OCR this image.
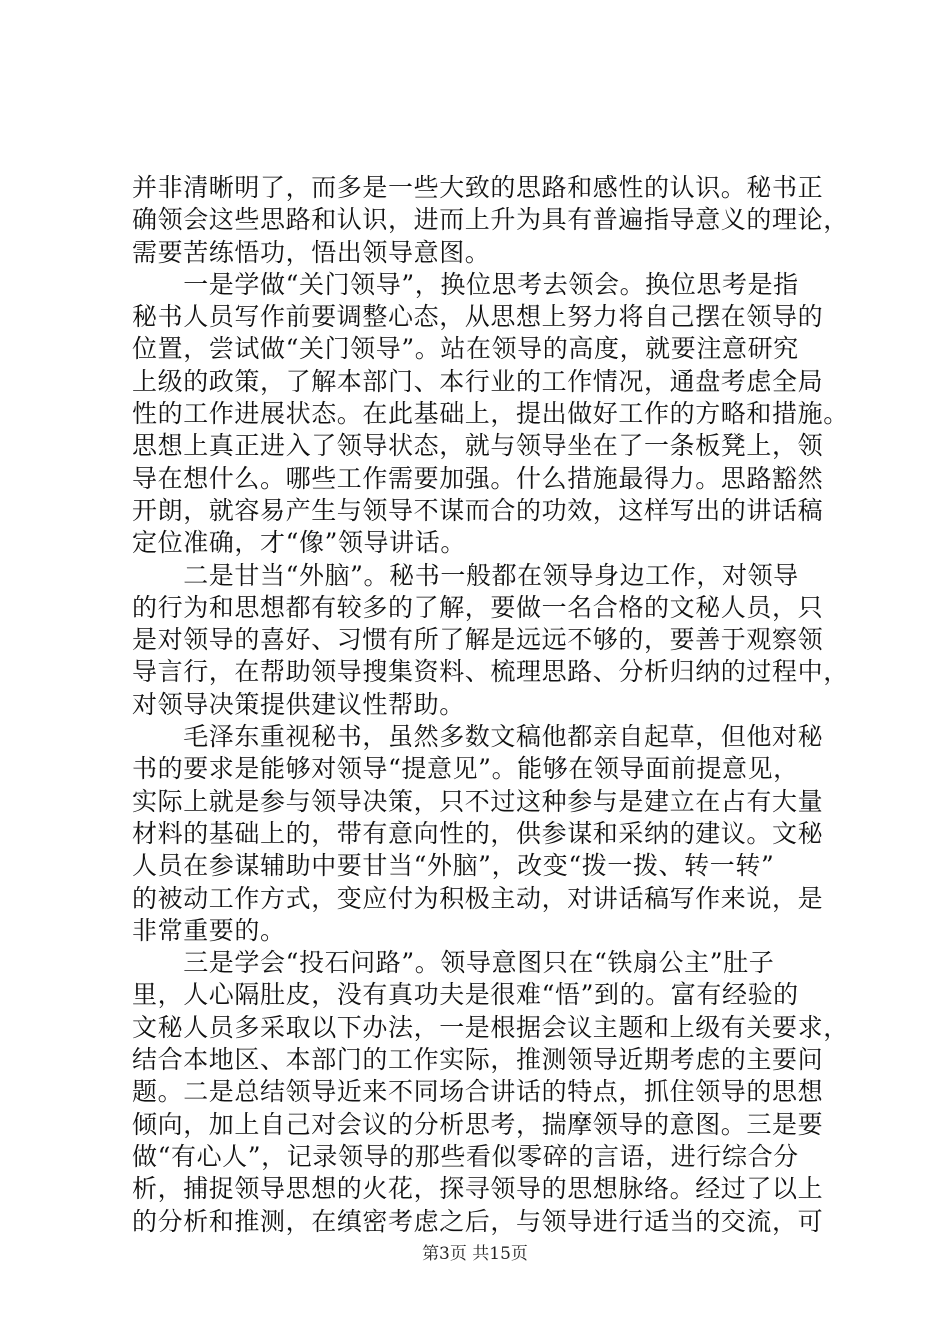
并非清晰明了，而多是一些大致的思路和感性的认识。秘书正
确领会这些思路和认识，进而上升为具有普遍指导意义的理论，
需要苦练悟功，悟出领导意图。
　　一是学做“关门领导”，换位思考去领会。换位思考是指
秘书人员写作前要调整心态，从思想上努力将自己摆在领导的
位置，尝试做“关门领导”。站在领导的高度，就要注意研究
上级的政策，了解本部门、本行业的工作情况，通盘考虑全局
性的工作进展状态。在此基础上，提出做好工作的方略和措施。
思想上真正进入了领导状态，就与领导坐在了一条板凳上，领
导在想什么。哪些工作需要加强。什么措施最得力。思路豁然
开朗，就容易产生与领导不谋而合的功效，这样写出的讲话稿
定位准确，才“像”领导讲话。
　　二是甘当“外脑”。秘书一般都在领导身边工作，对领导
的行为和思想都有较多的了解，要做一名合格的文秘人员，只
是对领导的喜好、习惯有所了解是远远不够的，要善于观察领
导言行，在帮助领导搜集资料、梳理思路、分析归纳的过程中，
对领导决策提供建议性帮助。
　　毛泽东重视秘书，虽然多数文稿他都亲自起草，但他对秘
书的要求是能够对领导“提意见”。能够在领导面前提意见，
实际上就是参与领导决策，只不过这种参与是建立在占有大量
材料的基础上的，带有意向性的，供参谋和采纳的建议。文秘
人员在参谋辅助中要甘当“外脑”，改变“拨一拨、转一转”
的被动工作方式，变应付为积极主动，对讲话稿写作来说，是
非常重要的。
　　三是学会“投石问路”。领导意图只在“铁扇公主”肚子
里，人心隔肚皮，没有真功夫是很难“悟”到的。富有经验的
文秘人员多采取以下办法，一是根据会议主题和上级有关要求，
结合本地区、本部门的工作实际，推测领导近期考虑的主要问
题。二是总结领导近来不同场合讲话的特点，抓住领导的思想
倾向，加上自己对会议的分析思考，揣摩领导的意图。三是要
做“有心人”，记录领导的那些看似零碎的言语，进行综合分
析，捕捉领导思想的火花，探寻领导的思想脉络。经过了以上
的分析和推测，在缜密考虑之后，与领导进行适当的交流，可
第3页 共15页
